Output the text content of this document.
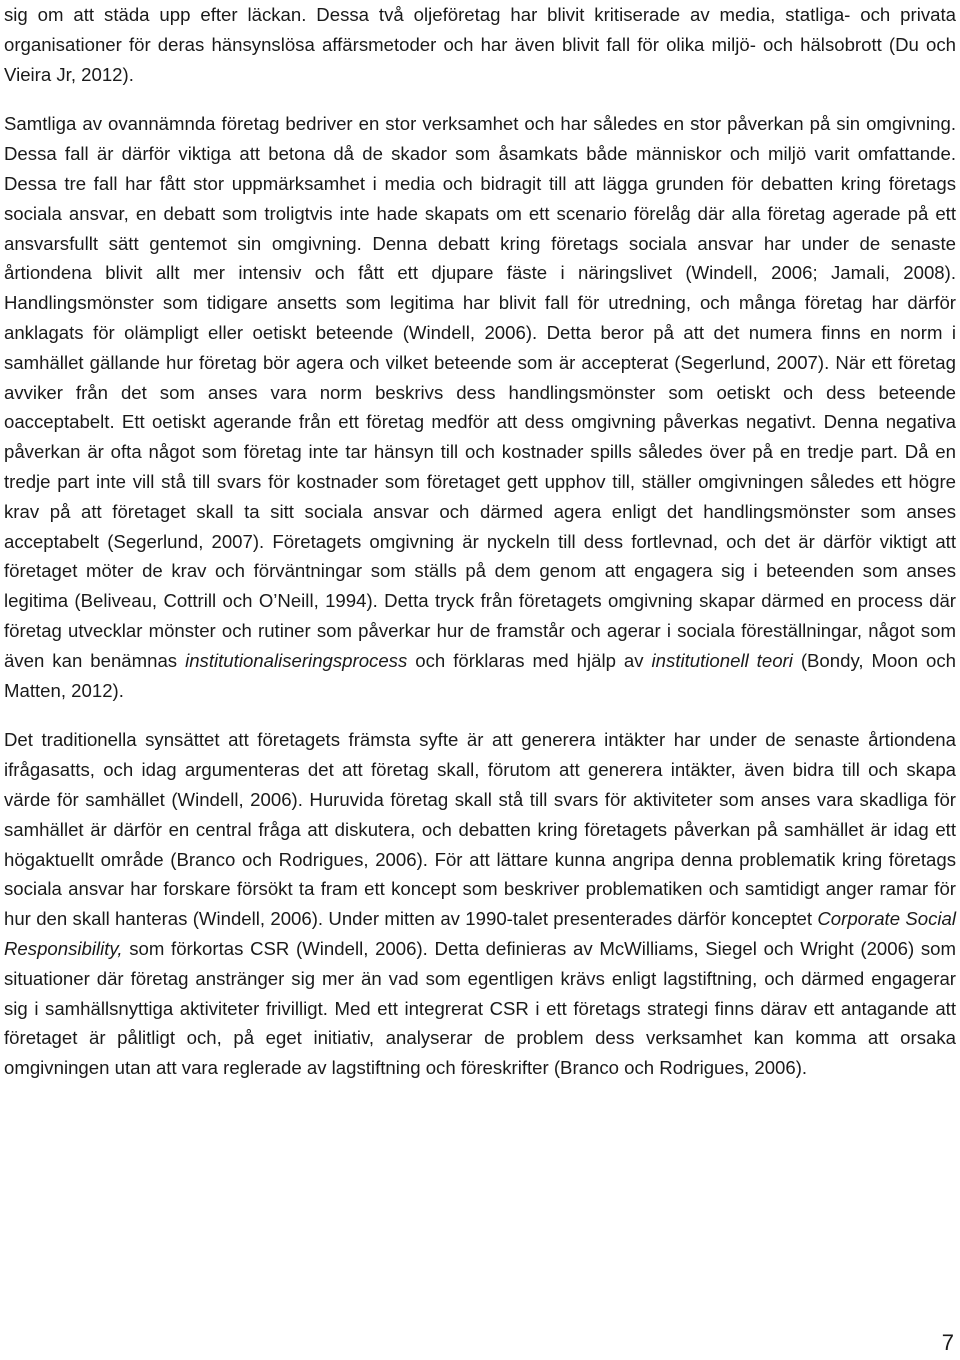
sig om att städa upp efter läckan. Dessa två oljeföretag har blivit kritiserade av media, statliga- och privata organisationer för deras hänsynslösa affärsmetoder och har även blivit fall för olika miljö- och hälsobrott (Du och Vieira Jr, 2012).

Samtliga av ovannämnda företag bedriver en stor verksamhet och har således en stor påverkan på sin omgivning. Dessa fall är därför viktiga att betona då de skador som åsamkats både människor och miljö varit omfattande. Dessa tre fall har fått stor uppmärksamhet i media och bidragit till att lägga grunden för debatten kring företags sociala ansvar, en debatt som troligtvis inte hade skapats om ett scenario förelåg där alla företag agerade på ett ansvarsfullt sätt gentemot sin omgivning. Denna debatt kring företags sociala ansvar har under de senaste årtiondena blivit allt mer intensiv och fått ett djupare fäste i näringslivet (Windell, 2006; Jamali, 2008). Handlingsmönster som tidigare ansetts som legitima har blivit fall för utredning, och många företag har därför anklagats för olämpligt eller oetiskt beteende (Windell, 2006). Detta beror på att det numera finns en norm i samhället gällande hur företag bör agera och vilket beteende som är accepterat (Segerlund, 2007). När ett företag avviker från det som anses vara norm beskrivs dess handlingsmönster som oetiskt och dess beteende oacceptabelt. Ett oetiskt agerande från ett företag medför att dess omgivning påverkas negativt. Denna negativa påverkan är ofta något som företag inte tar hänsyn till och kostnader spills således över på en tredje part. Då en tredje part inte vill stå till svars för kostnader som företaget gett upphov till, ställer omgivningen således ett högre krav på att företaget skall ta sitt sociala ansvar och därmed agera enligt det handlingsmönster som anses acceptabelt (Segerlund, 2007). Företagets omgivning är nyckeln till dess fortlevnad, och det är därför viktigt att företaget möter de krav och förväntningar som ställs på dem genom att engagera sig i beteenden som anses legitima (Beliveau, Cottrill och O’Neill, 1994). Detta tryck från företagets omgivning skapar därmed en process där företag utvecklar mönster och rutiner som påverkar hur de framstår och agerar i sociala föreställningar, något som även kan benämnas institutionaliseringsprocess och förklaras med hjälp av institutionell teori (Bondy, Moon och Matten, 2012).

Det traditionella synsättet att företagets främsta syfte är att generera intäkter har under de senaste årtiondena ifrågasatts, och idag argumenteras det att företag skall, förutom att generera intäkter, även bidra till och skapa värde för samhället (Windell, 2006). Huruvida företag skall stå till svars för aktiviteter som anses vara skadliga för samhället är därför en central fråga att diskutera, och debatten kring företagets påverkan på samhället är idag ett högaktuellt område (Branco och Rodrigues, 2006). För att lättare kunna angripa denna problematik kring företags sociala ansvar har forskare försökt ta fram ett koncept som beskriver problematiken och samtidigt anger ramar för hur den skall hanteras (Windell, 2006). Under mitten av 1990-talet presenterades därför konceptet Corporate Social Responsibility, som förkortas CSR (Windell, 2006). Detta definieras av McWilliams, Siegel och Wright (2006) som situationer där företag anstränger sig mer än vad som egentligen krävs enligt lagstiftning, och därmed engagerar sig i samhällsnyttiga aktiviteter frivilligt. Med ett integrerat CSR i ett företags strategi finns därav ett antagande att företaget är pålitligt och, på eget initiativ, analyserar de problem dess verksamhet kan komma att orsaka omgivningen utan att vara reglerade av lagstiftning och föreskrifter (Branco och Rodrigues, 2006).

7
